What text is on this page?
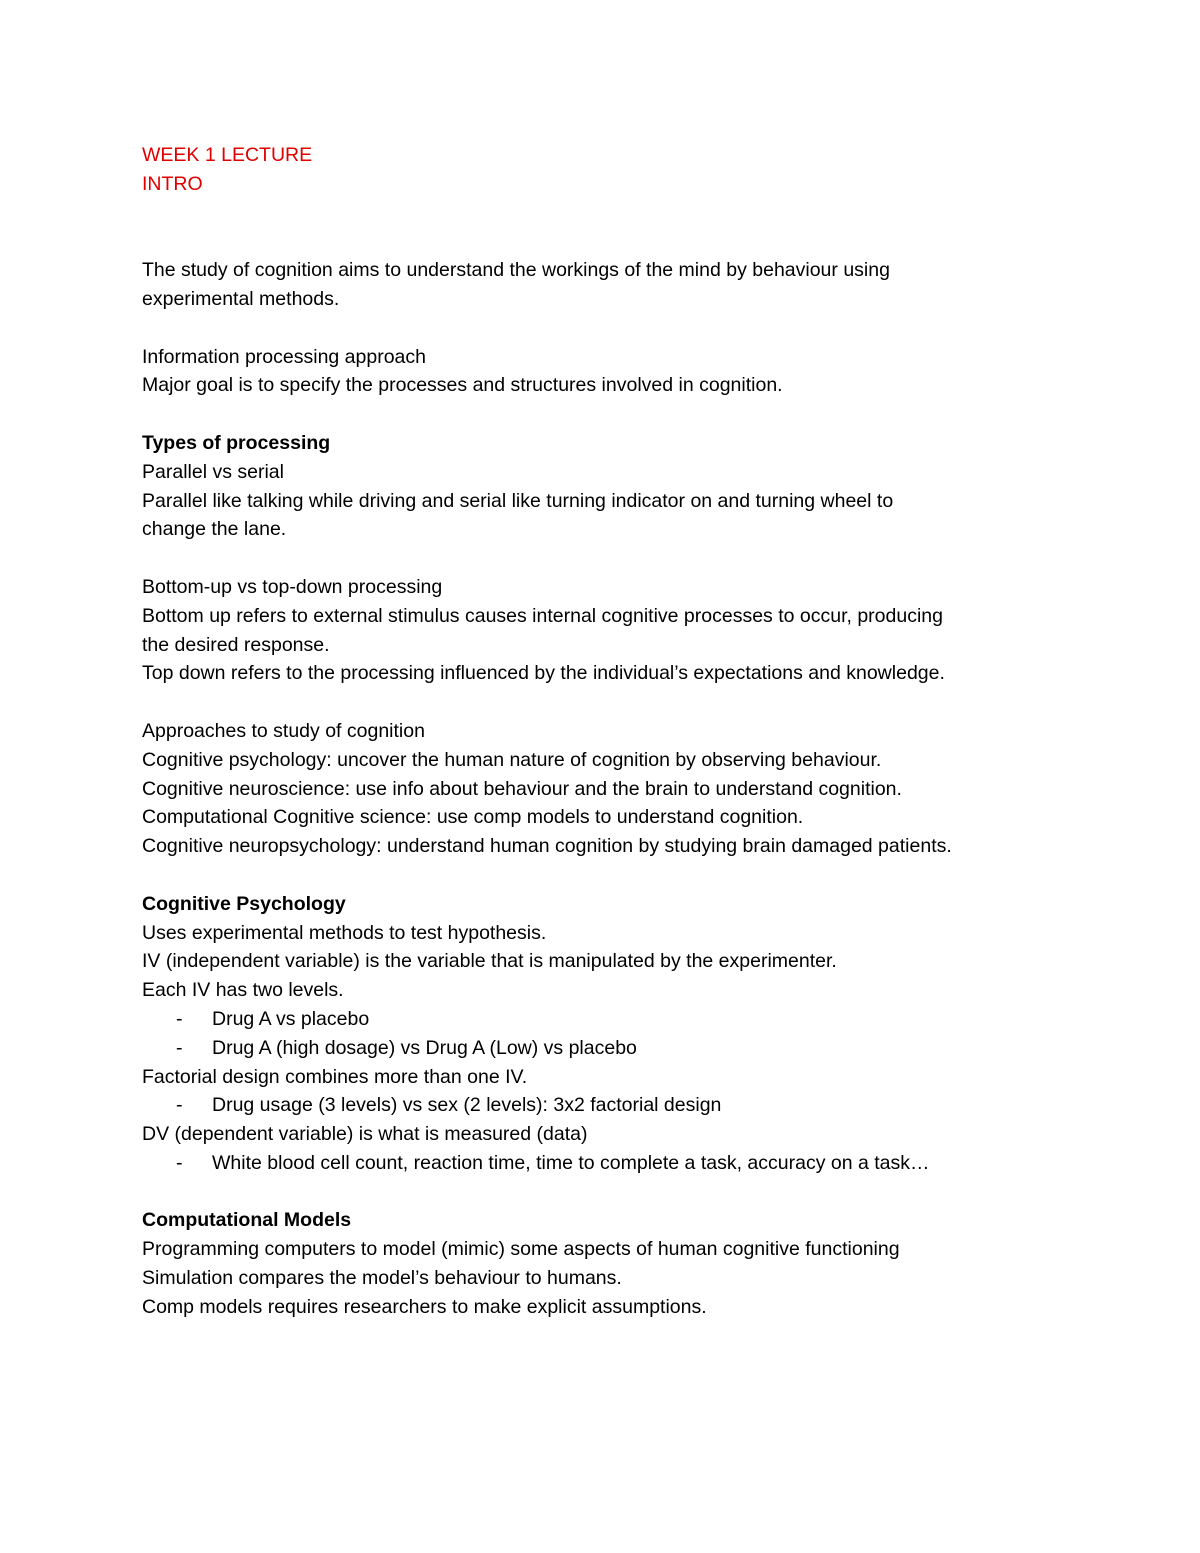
WEEK 1 LECTURE
INTRO
The study of cognition aims to understand the workings of the mind by behaviour using
experimental methods.
Information processing approach
Major goal is to specify the processes and structures involved in cognition.
Types of processing
Parallel vs serial
Parallel like talking while driving and serial like turning indicator on and turning wheel to
change the lane.
Bottom-up vs top-down processing
Bottom up refers to external stimulus causes internal cognitive processes to occur, producing
the desired response.
Top down refers to the processing influenced by the individual’s expectations and knowledge.
Approaches to study of cognition
Cognitive psychology: uncover the human nature of cognition by observing behaviour.
Cognitive neuroscience: use info about behaviour and the brain to understand cognition.
Computational Cognitive science: use comp models to understand cognition.
Cognitive neuropsychology: understand human cognition by studying brain damaged patients.
Cognitive Psychology
Uses experimental methods to test hypothesis.
IV (independent variable) is the variable that is manipulated by the experimenter.
Each IV has two levels.
- Drug A vs placebo
- Drug A (high dosage) vs Drug A (Low) vs placebo
Factorial design combines more than one IV.
- Drug usage (3 levels) vs sex (2 levels): 3x2 factorial design
DV (dependent variable) is what is measured (data)
- White blood cell count, reaction time, time to complete a task, accuracy on a task…
Computational Models
Programming computers to model (mimic) some aspects of human cognitive functioning
Simulation compares the model’s behaviour to humans.
Comp models requires researchers to make explicit assumptions.
